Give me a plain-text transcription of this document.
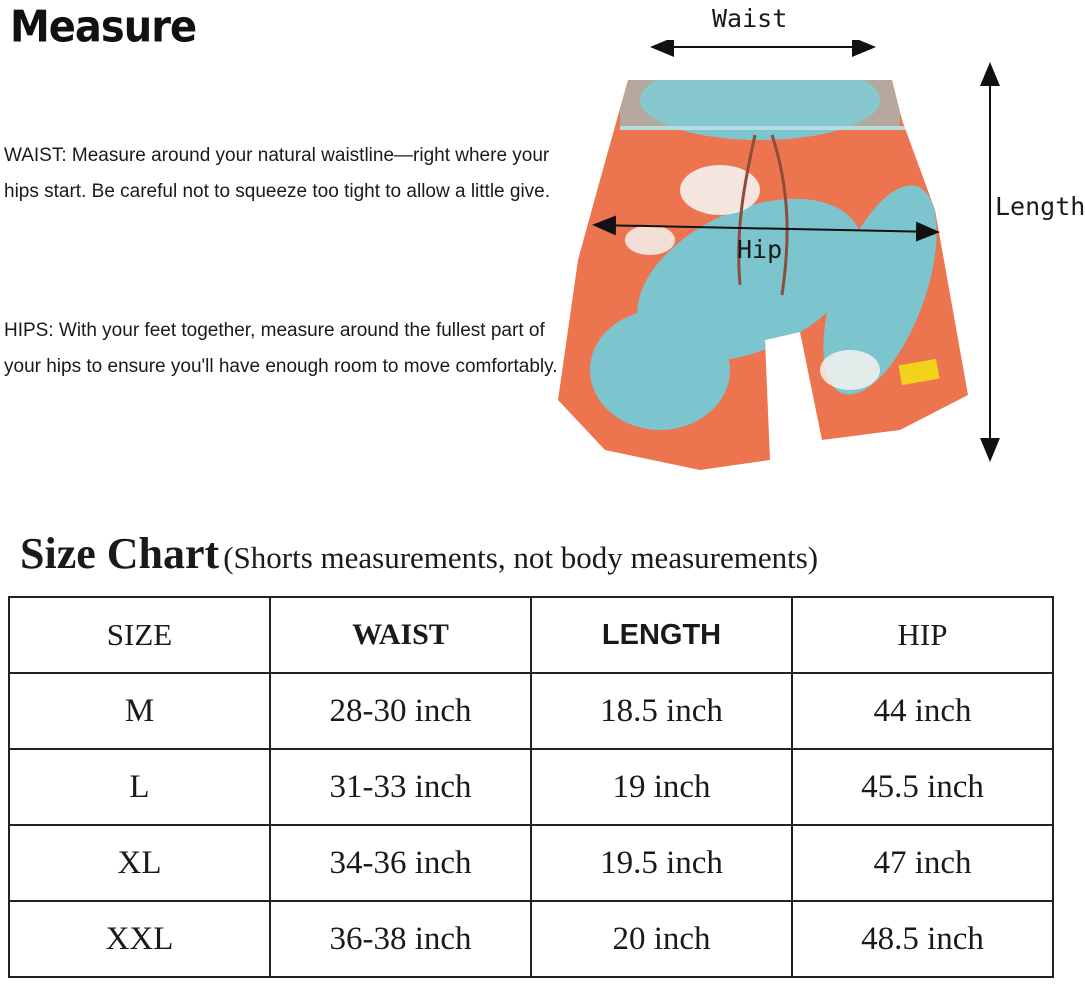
Measure
WAIST: Measure around your natural waistline—right where your hips start. Be careful not to squeeze too tight to allow a little give.
HIPS: With your feet together, measure around the fullest part of your hips to ensure you'll have enough room to move comfortably.
Waist
Length
Hip
Size Chart (Shorts measurements, not body measurements)
SIZE	WAIST	LENGTH	HIP
M	28-30 inch	18.5 inch	44 inch
L	31-33 inch	19 inch	45.5 inch
XL	34-36 inch	19.5 inch	47 inch
XXL	36-38 inch	20 inch	48.5 inch
